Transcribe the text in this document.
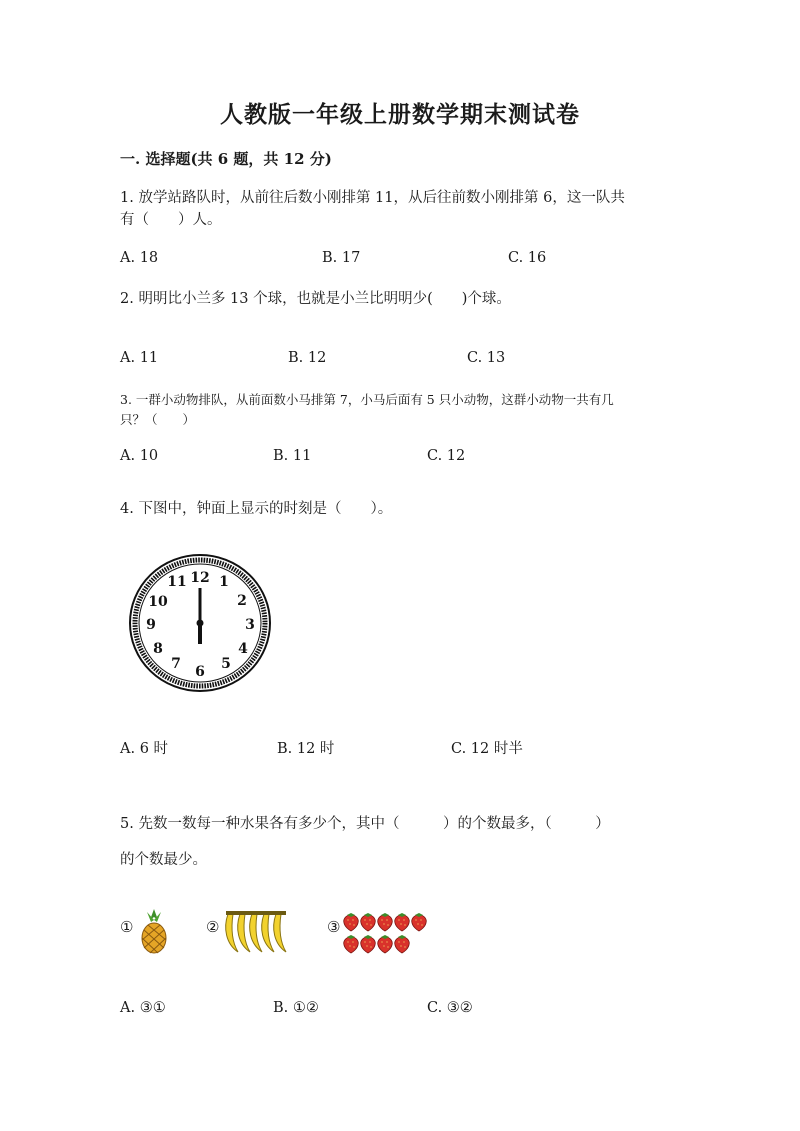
人教版一年级上册数学期末测试卷
一. 选择题(共 6 题，共 12 分)
1. 放学站路队时，从前往后数小刚排第 11，从后往前数小刚排第 6，这一队共
有（　　）人。
A. 18	B. 17	C. 16
2. 明明比小兰多 13 个球，也就是小兰比明明少(　　)个球。
A. 11	B. 12	C. 13
3. 一群小动物排队，从前面数小马排第 7，小马后面有 5 只小动物，这群小动物一共有几
只？（　　）
A. 10	B. 11	C. 12
4. 下图中，钟面上显示的时刻是（　　）。
12 1
2
3
4
5
6
7
8
9
10
11
A. 6 时	B. 12 时	C. 12 时半
5. 先数一数每一种水果各有多少个，其中（　　　）的个数最多，（　　　）
的个数最少。
①	②	③
A. ③①	B. ①②	C. ③②
